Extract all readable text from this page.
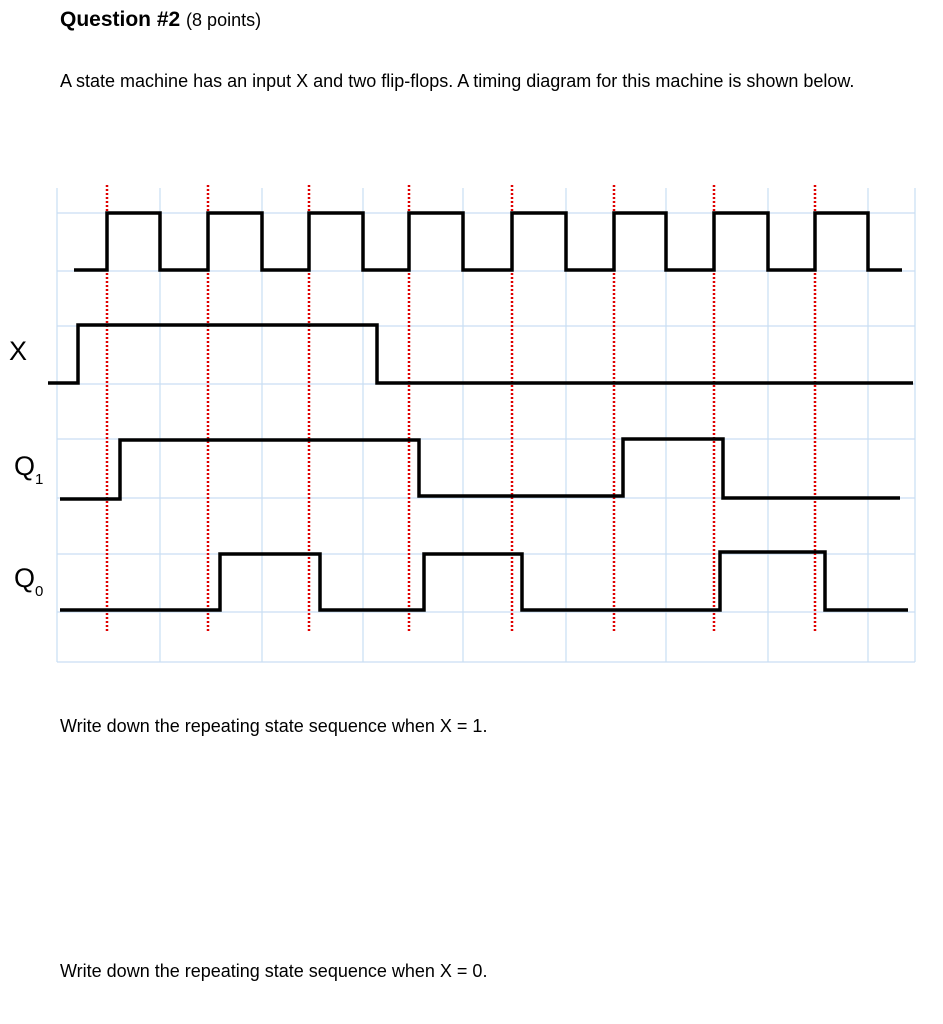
Question #2 (8 points)
A state machine has an input X and two flip-flops. A timing diagram for this machine is shown below.
X
$Q_1$
$Q_0$
Write down the repeating state sequence when X = 1.
Write down the repeating state sequence when X = 0.
